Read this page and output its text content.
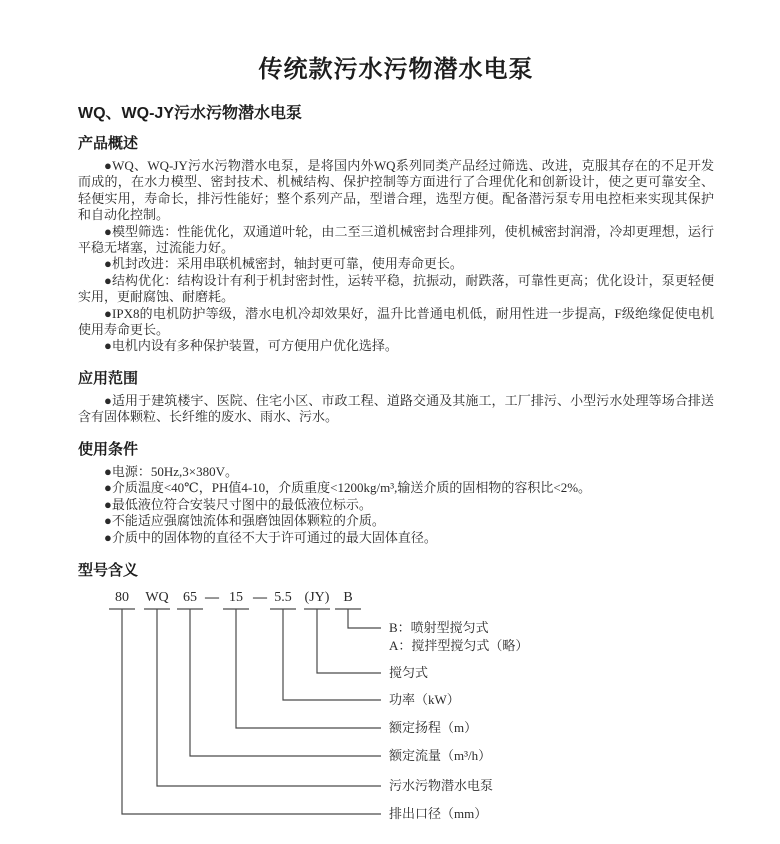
传统款污水污物潜水电泵
WQ、WQ-JY污水污物潜水电泵
产品概述

●WQ、WQ-JY污水污物潜水电泵，是将国内外WQ系列同类产品经过筛选、改进，克服其存在的不足开发而成的，在水力模型、密封技术、机械结构、保护控制等方面进行了合理优化和创新设计，使之更可靠安全、轻便实用，寿命长，排污性能好；整个系列产品，型谱合理，选型方便。配备潜污泵专用电控柜来实现其保护和自动化控制。

●模型筛选：性能优化，双通道叶轮，由二至三道机械密封合理排列，使机械密封润滑，冷却更理想，运行平稳无堵塞，过流能力好。

●机封改进：采用串联机械密封，轴封更可靠，使用寿命更长。

●结构优化：结构设计有利于机封密封性，运转平稳，抗振动，耐跌落，可靠性更高；优化设计，泵更轻便实用，更耐腐蚀、耐磨耗。

●IPX8的电机防护等级，潜水电机冷却效果好，温升比普通电机低，耐用性进一步提高，F级绝缘促使电机使用寿命更长。

●电机内设有多种保护装置，可方便用户优化选择。

应用范围

●适用于建筑楼宇、医院、住宅小区、市政工程、道路交通及其施工，工厂排污、小型污水处理等场合排送含有固体颗粒、长纤维的废水、雨水、污水。

使用条件

●电源：50Hz,3×380V。

●介质温度<40℃，PH值4-10，介质重度<1200kg/m³,输送介质的固相物的容积比<2%。

●最低液位符合安装尺寸图中的最低液位标示。

●不能适应强腐蚀流体和强磨蚀固体颗粒的介质。

●介质中的固体物的直径不大于许可通过的最大固体直径。

型号含义
80 WQ 65 — 15 — 5.5 (JY) B
B：喷射型搅匀式
A：搅拌型搅匀式（略）
搅匀式
功率（kW）
额定扬程（m）
额定流量（m³/h）
污水污物潜水电泵
排出口径（mm）
